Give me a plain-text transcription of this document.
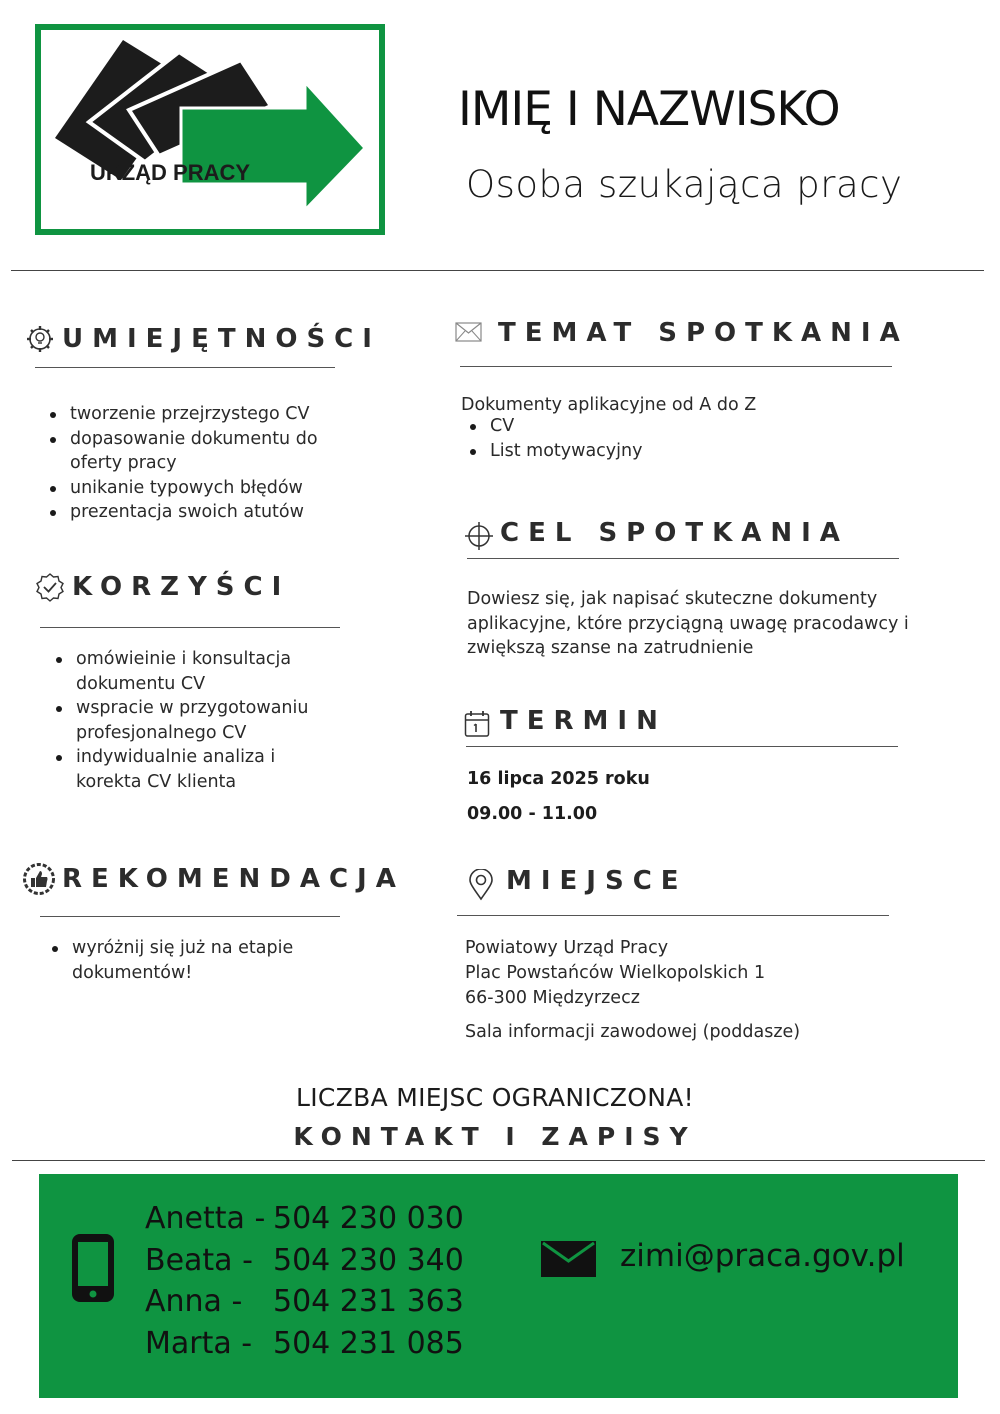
URZĄD PRACY
IMIĘ I NAZWISKO
Osoba szukająca pracy
UMIEJĘTNOŚCI
tworzenie przejrzystego CV
dopasowanie dokumentu do oferty pracy
unikanie typowych błędów
prezentacja swoich atutów
KORZYŚCI
omówieinie i konsultacja dokumentu CV
wspracie w przygotowaniu profesjonalnego CV
indywidualnie analiza i korekta CV klienta
REKOMENDACJA
wyróżnij się już na etapie dokumentów!
TEMAT SPOTKANIA
Dokumenty aplikacyjne od A do Z
CV
List motywacyjny
CEL SPOTKANIA
Dowiesz się, jak napisać skuteczne dokumenty aplikacyjne, które przyciągną uwagę pracodawcy i zwiększą szanse na zatrudnienie
TERMIN
16 lipca 2025 roku
09.00 - 11.00
MIEJSCE
Powiatowy Urząd Pracy
Plac Powstańców Wielkopolskich 1
66-300 Międzyrzecz
Sala informacji zawodowej (poddasze)
LICZBA MIEJSC OGRANICZONA!
KONTAKT I ZAPISY
Anetta - 504 230 030
Beata - 504 230 340
Anna - 504 231 363
Marta - 504 231 085
zimi@praca.gov.pl
